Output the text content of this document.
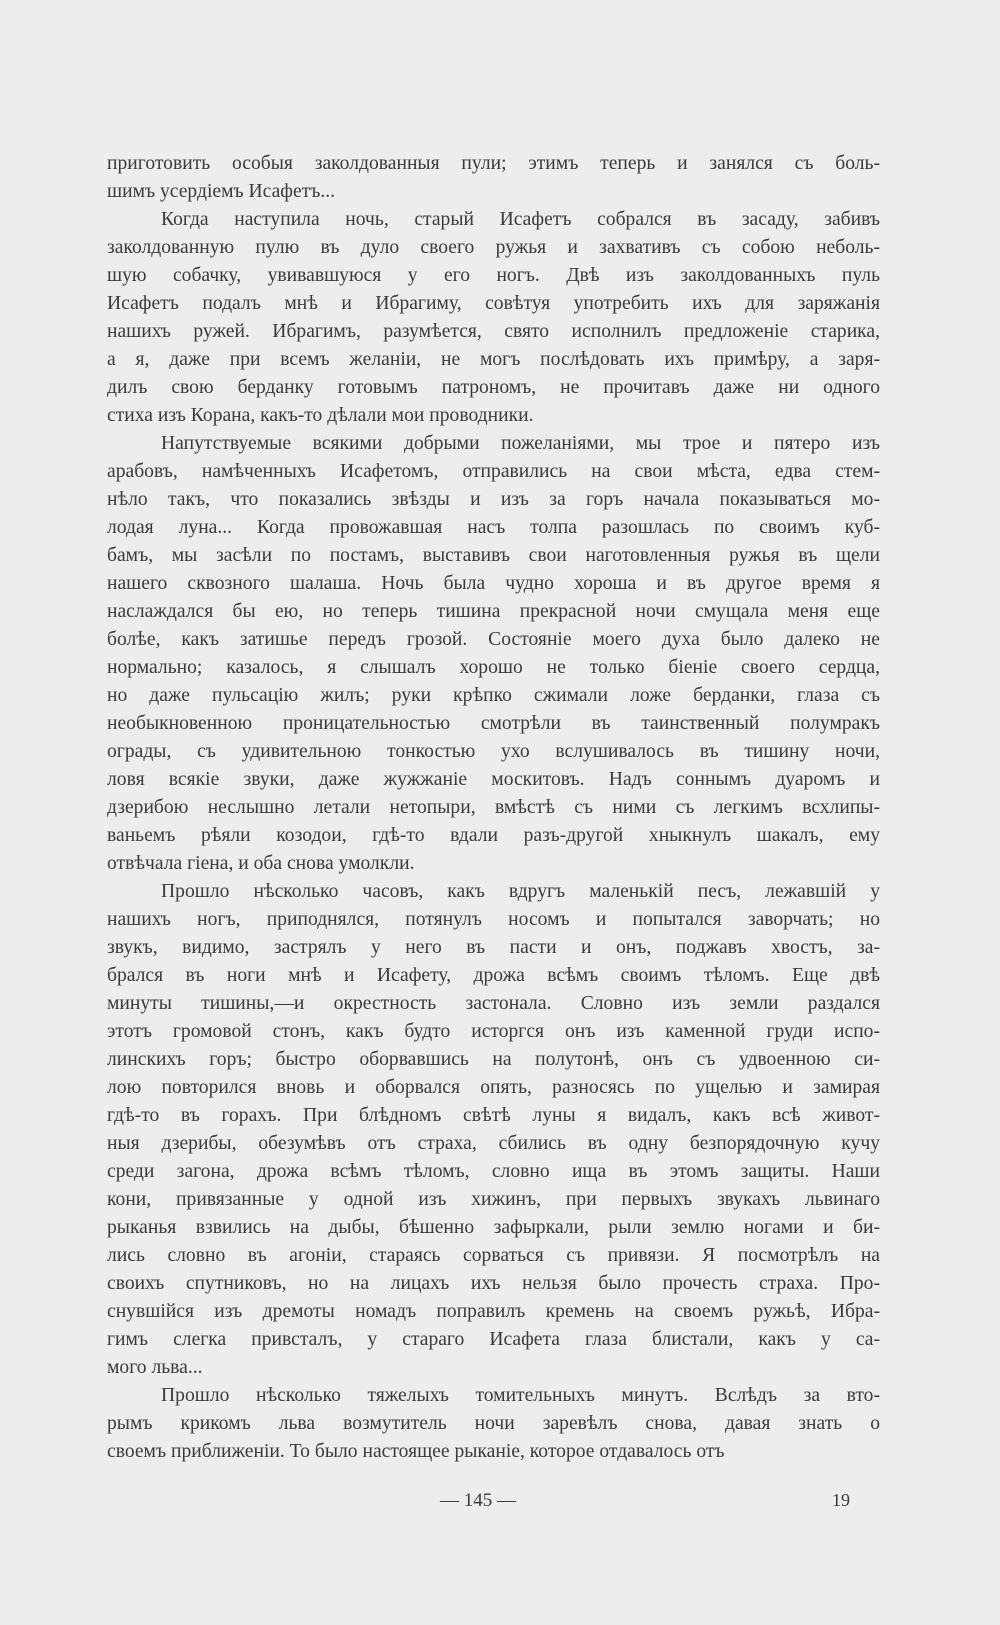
приготовить особыя заколдованныя пули; этимъ теперь и занялся съ боль-
шимъ усердіемъ Исафетъ...
Когда наступила ночь, старый Исафетъ собрался въ засаду, забивъ
заколдованную пулю въ дуло своего ружья и захвативъ съ собою неболь-
шую собачку, увивавшуюся у его ногъ. Двѣ изъ заколдованныхъ пуль
Исафетъ подалъ мнѣ и Ибрагиму, совѣтуя употребить ихъ для заряжанія
нашихъ ружей. Ибрагимъ, разумѣется, свято исполнилъ предложеніе старика,
а я, даже при всемъ желаніи, не могъ послѣдовать ихъ примѣру, а заря-
дилъ свою берданку готовымъ патрономъ, не прочитавъ даже ни одного
стиха изъ Корана, какъ-то дѣлали мои проводники.
Напутствуемые всякими добрыми пожеланіями, мы трое и пятеро изъ
арабовъ, намѣченныхъ Исафетомъ, отправились на свои мѣста, едва стем-
нѣло такъ, что показались звѣзды и изъ за горъ начала показываться мо-
лодая луна... Когда провожавшая насъ толпа разошлась по своимъ куб-
бамъ, мы засѣли по постамъ, выставивъ свои наготовленныя ружья въ щели
нашего сквозного шалаша. Ночь была чудно хороша и въ другое время я
наслаждался бы ею, но теперь тишина прекрасной ночи смущала меня еще
болѣе, какъ затишье передъ грозой. Состояніе моего духа было далеко не
нормально; казалось, я слышалъ хорошо не только біеніе своего сердца,
но даже пульсацію жилъ; руки крѣпко сжимали ложе берданки, глаза съ
необыкновенною проницательностью смотрѣли въ таинственный полумракъ
ограды, съ удивительною тонкостью ухо вслушивалось въ тишину ночи,
ловя всякіе звуки, даже жужжаніе москитовъ. Надъ соннымъ дуаромъ и
дзерибою неслышно летали нетопыри, вмѣстѣ съ ними съ легкимъ всхлипы-
ваньемъ рѣяли козодои, гдѣ-то вдали разъ-другой хныкнулъ шакалъ, ему
отвѣчала гіена, и оба снова умолкли.
Прошло нѣсколько часовъ, какъ вдругъ маленькій песъ, лежавшій у
нашихъ ногъ, приподнялся, потянулъ носомъ и попытался заворчать; но
звукъ, видимо, застрялъ у него въ пасти и онъ, поджавъ хвостъ, за-
брался въ ноги мнѣ и Исафету, дрожа всѣмъ своимъ тѣломъ. Еще двѣ
минуты тишины,—и окрестность застонала. Словно изъ земли раздался
этотъ громовой стонъ, какъ будто исторгся онъ изъ каменной груди испо-
линскихъ горъ; быстро оборвавшись на полутонѣ, онъ съ удвоенною си-
лою повторился вновь и оборвался опять, разносясь по ущелью и замирая
гдѣ-то въ горахъ. При блѣдномъ свѣтѣ луны я видалъ, какъ всѣ живот-
ныя дзерибы, обезумѣвъ отъ страха, сбились въ одну безпорядочную кучу
среди загона, дрожа всѣмъ тѣломъ, словно ища въ этомъ защиты. Наши
кони, привязанные у одной изъ хижинъ, при первыхъ звукахъ львинаго
рыканья взвились на дыбы, бѣшенно зафыркали, рыли землю ногами и би-
лись словно въ агоніи, стараясь сорваться съ привязи. Я посмотрѣлъ на
своихъ спутниковъ, но на лицахъ ихъ нельзя было прочесть страха. Про-
снувшійся изъ дремоты номадъ поправилъ кремень на своемъ ружьѣ, Ибра-
гимъ слегка привсталъ, у стараго Исафета глаза блистали, какъ у са-
мого льва...
Прошло нѣсколько тяжелыхъ томительныхъ минутъ. Вслѣдъ за вто-
рымъ крикомъ льва возмутитель ночи заревѣлъ снова, давая знать о
своемъ приближеніи. То было настоящее рыканіе, которое отдавалось отъ
— 145 —	19
